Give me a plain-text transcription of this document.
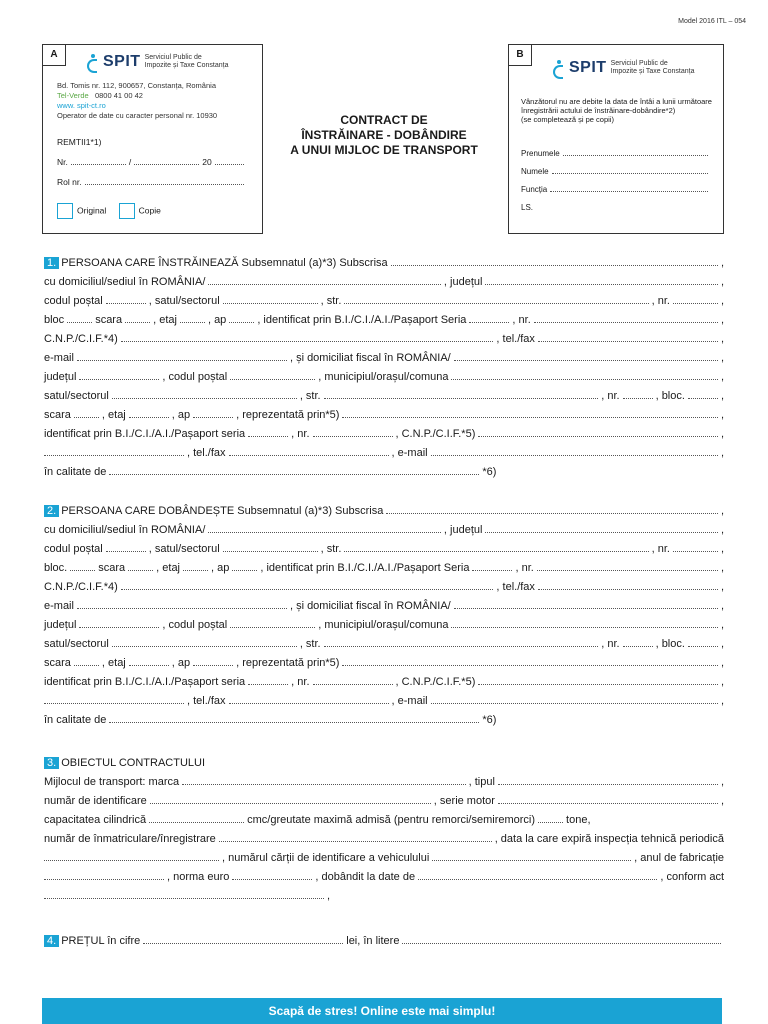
Model 2016 ITL – 054
A	SPIT Serviciul Public de
Impozite și Taxe Constanța
Bd. Tomis nr. 112, 900657, Constanța, România
Tel-Verde 0800 41 00 42
www. spit-ct.ro
Operator de date cu caracter personal nr. 10930
REMTII1*1)
Nr.	/	20
Rol nr.
Original	Copie
CONTRACT DE
ÎNSTRĂINARE - DOBÂNDIRE
A UNUI MIJLOC DE TRANSPORT
B
SPIT Serviciul Public de
Impozite și Taxe Constanța
Vânzătorul nu are debite la data de întâi a lunii următoare înregistrării actului de înstrăinare-dobândire*2)
(se completează și pe copii)
Prenumele
Numele
Funcția
LS.
1. PERSOANA CARE ÎNSTRĂINEAZĂ Subsemnatul (a)*3) Subscrisa	,
cu domiciliul/sediul în ROMÂNIA/	, județul	,
codul poștal	, satul/sectorul	, str.	, nr.	,
bloc	scara	, etaj	, ap	, identificat prin B.I./C.I./A.I./Pașaport Seria	, nr.	,
C.N.P./C.I.F.*4)	, tel./fax	,
e-mail	, și domiciliat fiscal în ROMÂNIA/	,
județul	, codul poștal	, municipiul/orașul/comuna	,
satul/sectorul	, str.	, nr.	, bloc.	,
scara	, etaj	, ap	, reprezentată prin*5)	,
identificat prin B.I./C.I./A.I./Pașaport seria	, nr.	, C.N.P./C.I.F.*5)	,
, tel./fax	, e-mail	,
în calitate de	*6)
2. PERSOANA CARE DOBÂNDEȘTE Subsemnatul (a)*3) Subscrisa	,
cu domiciliul/sediul în ROMÂNIA/	, județul	,
codul poștal	, satul/sectorul	, str.	, nr.	,
bloc.	scara	, etaj	, ap	, identificat prin B.I./C.I./A.I./Pașaport Seria	, nr.	,
C.N.P./C.I.F.*4)	, tel./fax	,
e-mail	, și domiciliat fiscal în ROMÂNIA/	,
județul	, codul poștal	, municipiul/orașul/comuna	,
satul/sectorul	, str.	, nr.	, bloc.	,
scara	, etaj	, ap	, reprezentată prin*5)	,
identificat prin B.I./C.I./A.I./Pașaport seria	, nr.	, C.N.P./C.I.F.*5)	,
, tel./fax	, e-mail	,
în calitate de	*6)
3. OBIECTUL CONTRACTULUI
Mijlocul de transport: marca	, tipul	,
număr de identificare	, serie motor	,
capacitatea cilindrică	cmc/greutate maximă admisă (pentru remorci/semiremorci)	tone,
număr de înmatriculare/înregistrare	, data la care expiră inspecția tehnică periodică
, numărul cărții de identificare a vehiculului	, anul de fabricație
, norma euro	, dobândit la date de	, conform act
,
4. PREȚUL în cifre	lei, în litere
Scapă de stres! Online este mai simplu!
